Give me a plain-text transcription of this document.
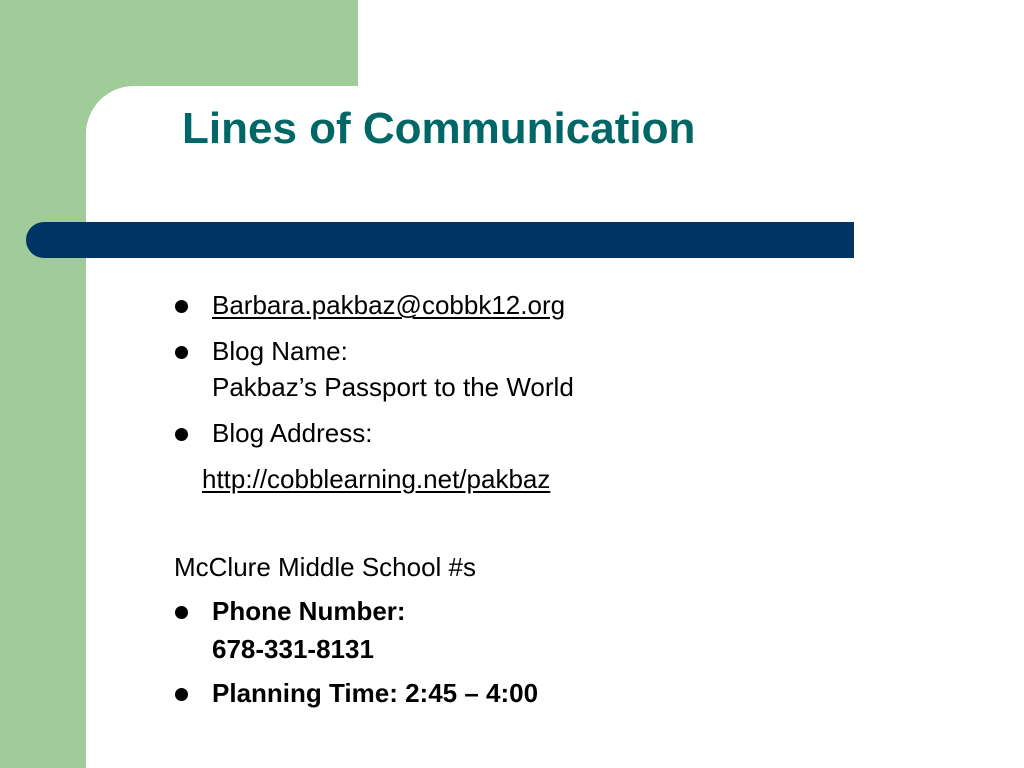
Lines of Communication
Barbara.pakbaz@cobbk12.org
Blog Name:
Pakbaz’s Passport to the World
Blog Address:
http://cobblearning.net/pakbaz
McClure Middle School #s
Phone Number:
678-331-8131
Planning Time: 2:45 – 4:00
